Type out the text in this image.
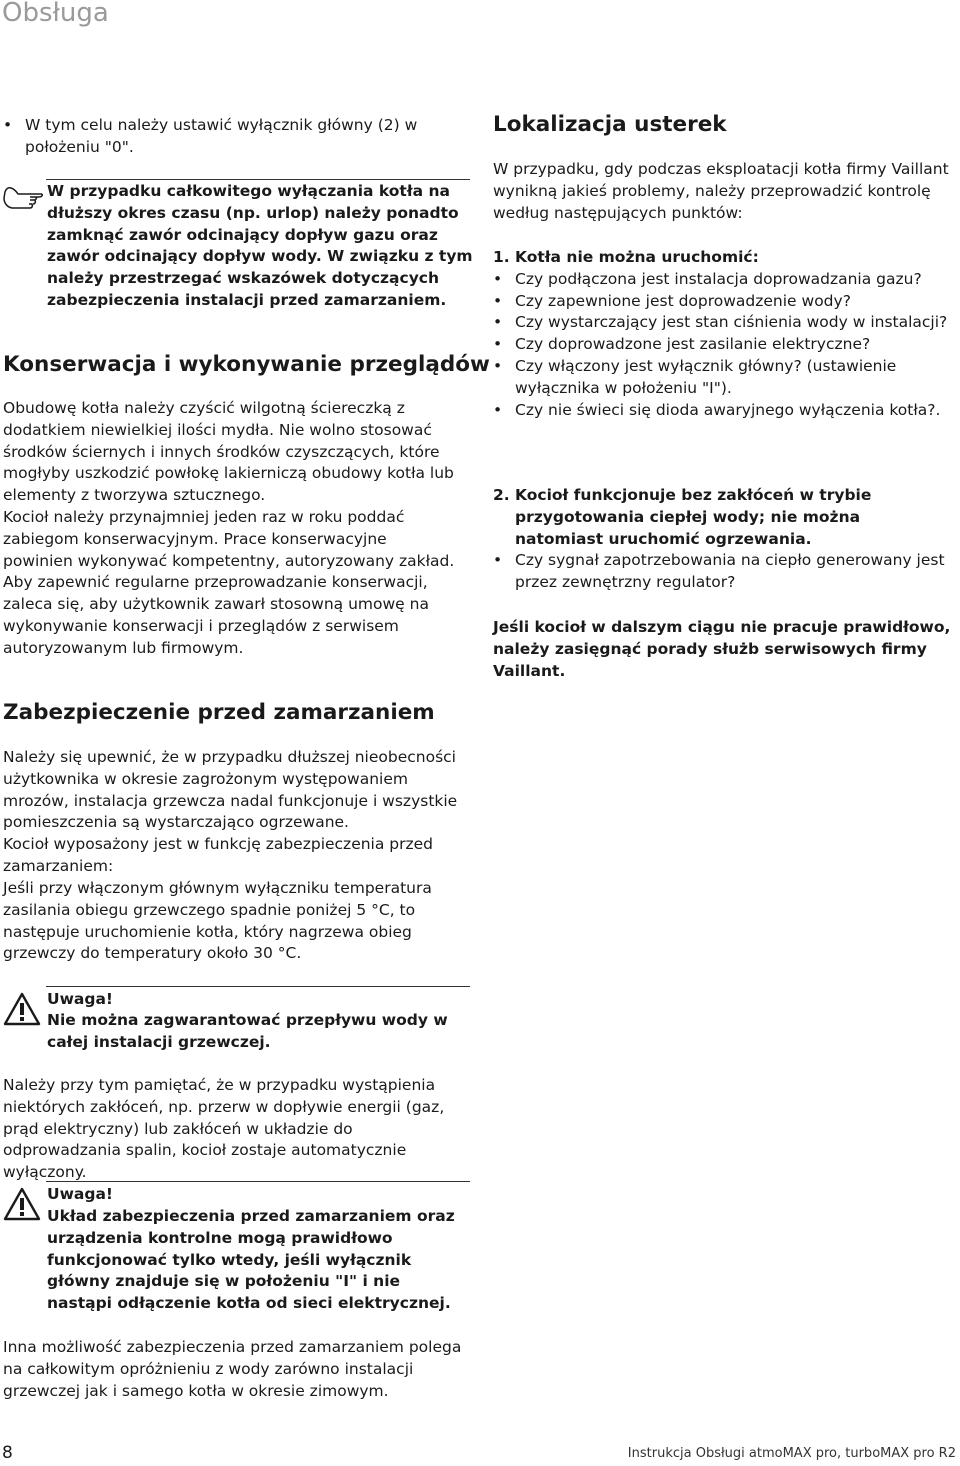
Obsługa
• W tym celu należy ustawić wyłącznik główny (2) w położeniu "0".

W przypadku całkowitego wyłączania kotła na dłuższy okres czasu (np. urlop) należy ponadto zamknąć zawór odcinający dopływ gazu oraz zawór odcinający dopływ wody. W związku z tym należy przestrzegać wskazówek dotyczących zabezpieczenia instalacji przed zamarzaniem.

Konserwacja i wykonywanie przeglądów

Obudowę kotła należy czyścić wilgotną ściereczką z dodatkiem niewielkiej ilości mydła. Nie wolno stosować środków ściernych i innych środków czyszczących, które mogłyby uszkodzić powłokę lakierniczą obudowy kotła lub elementy z tworzywa sztucznego.

Kocioł należy przynajmniej jeden raz w roku poddać zabiegom konserwacyjnym. Prace konserwacyjne powinien wykonywać kompetentny, autoryzowany zakład. Aby zapewnić regularne przeprowadzanie konserwacji, zaleca się, aby użytkownik zawarł stosowną umowę na wykonywanie konserwacji i przeglądów z serwisem autoryzowanym lub firmowym.

Zabezpieczenie przed zamarzaniem

Należy się upewnić, że w przypadku dłuższej nieobecności użytkownika w okresie zagrożonym występowaniem mrozów, instalacja grzewcza nadal funkcjonuje i wszystkie pomieszczenia są wystarczająco ogrzewane.

Kocioł wyposażony jest w funkcję zabezpieczenia przed zamarzaniem:

Jeśli przy włączonym głównym wyłączniku temperatura zasilania obiegu grzewczego spadnie poniżej 5 °C, to następuje uruchomienie kotła, który nagrzewa obieg grzewczy do temperatury około 30 °C.

Uwaga!

Nie można zagwarantować przepływu wody w całej instalacji grzewczej.

Należy przy tym pamiętać, że w przypadku wystąpienia niektórych zakłóceń, np. przerw w dopływie energii (gaz, prąd elektryczny) lub zakłóceń w układzie do odprowadzania spalin, kocioł zostaje automatycznie wyłączony.

Uwaga!

Układ zabezpieczenia przed zamarzaniem oraz urządzenia kontrolne mogą prawidłowo funkcjonować tylko wtedy, jeśli wyłącznik główny znajduje się w położeniu "I" i nie nastąpi odłączenie kotła od sieci elektrycznej.

Inna możliwość zabezpieczenia przed zamarzaniem polega na całkowitym opróżnieniu z wody zarówno instalacji grzewczej jak i samego kotła w okresie zimowym.

Lokalizacja usterek

W przypadku, gdy podczas eksploatacji kotła firmy Vaillant wynikną jakieś problemy, należy przeprowadzić kontrolę według następujących punktów:

1. Kotła nie można uruchomić:

• Czy podłączona jest instalacja doprowadzania gazu?
• Czy zapewnione jest doprowadzenie wody?
• Czy wystarczający jest stan ciśnienia wody w instalacji?
• Czy doprowadzone jest zasilanie elektryczne?
• Czy włączony jest wyłącznik główny? (ustawienie wyłącznika w położeniu "I").
• Czy nie świeci się dioda awaryjnego wyłączenia kotła?.

2. Kocioł funkcjonuje bez zakłóceń w trybie przygotowania ciepłej wody; nie można natomiast uruchomić ogrzewania.

• Czy sygnał zapotrzebowania na ciepło generowany jest przez zewnętrzny regulator?

Jeśli kocioł w dalszym ciągu nie pracuje prawidłowo, należy zasięgnąć porady służb serwisowych firmy Vaillant.

8	Instrukcja Obsługi atmoMAX pro, turboMAX pro R2
